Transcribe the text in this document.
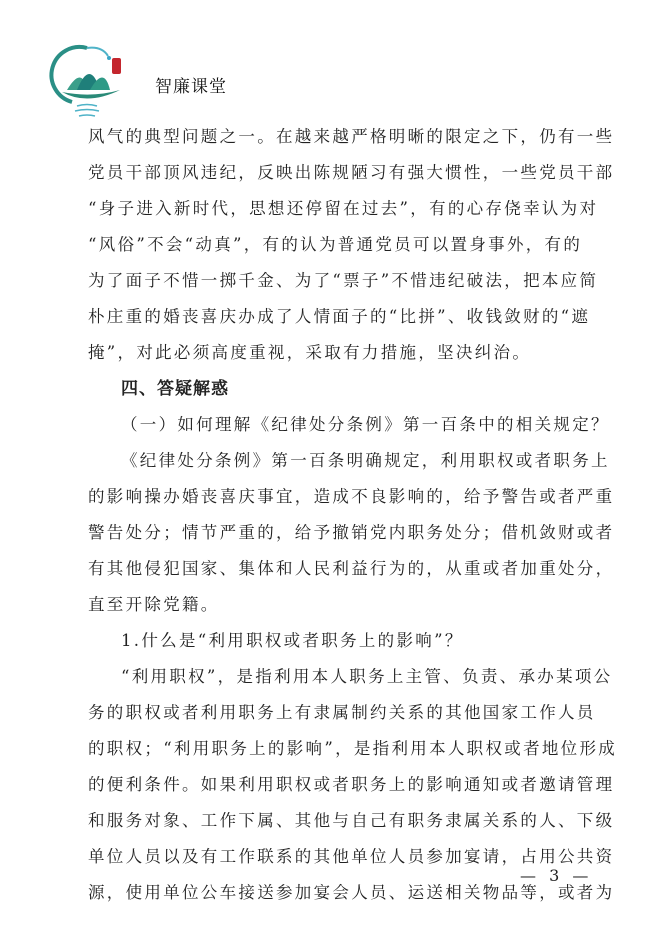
智廉课堂
风气的典型问题之一。在越来越严格明晰的限定之下，仍有一些
党员干部顶风违纪，反映出陈规陋习有强大惯性，一些党员干部
“身子进入新时代，思想还停留在过去”，有的心存侥幸认为对
“风俗”不会“动真”，有的认为普通党员可以置身事外，有的
为了面子不惜一掷千金、为了“票子”不惜违纪破法，把本应简
朴庄重的婚丧喜庆办成了人情面子的“比拼”、收钱敛财的“遮
掩”，对此必须高度重视，采取有力措施，坚决纠治。
四、答疑解惑
（一）如何理解《纪律处分条例》第一百条中的相关规定？
《纪律处分条例》第一百条明确规定，利用职权或者职务上
的影响操办婚丧喜庆事宜，造成不良影响的，给予警告或者严重
警告处分；情节严重的，给予撤销党内职务处分；借机敛财或者
有其他侵犯国家、集体和人民利益行为的，从重或者加重处分，
直至开除党籍。
1.什么是“利用职权或者职务上的影响”？
“利用职权”，是指利用本人职务上主管、负责、承办某项公
务的职权或者利用职务上有隶属制约关系的其他国家工作人员
的职权；“利用职务上的影响”，是指利用本人职权或者地位形成
的便利条件。如果利用职权或者职务上的影响通知或者邀请管理
和服务对象、工作下属、其他与自己有职务隶属关系的人、下级
单位人员以及有工作联系的其他单位人员参加宴请，占用公共资
源，使用单位公车接送参加宴会人员、运送相关物品等，或者为
— 3 —
